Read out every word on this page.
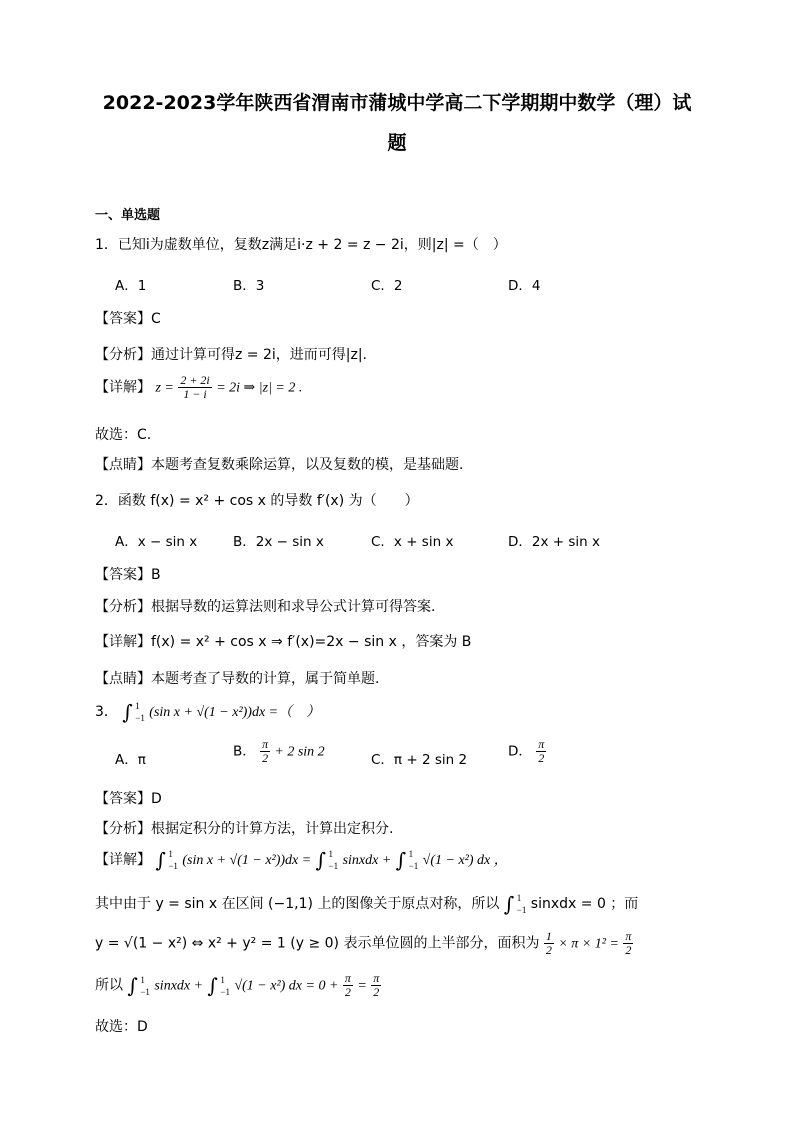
2022-2023学年陕西省渭南市蒲城中学高二下学期期中数学（理）试
题
一、单选题
1．已知i为虚数单位，复数z满足i·z + 2 = z − 2i，则|z| =（　）
A．1	B．3	C．2	D．4
【答案】C
【分析】通过计算可得z = 2i，进而可得|z|.
【详解】 $z = \frac{2 + 2i}{1 - i} = 2i$ ⇒ |z| = 2 .
故选：C.
【点睛】本题考查复数乘除运算，以及复数的模，是基础题.
2．函数 f(x) = x² + cos x 的导数 f′(x) 为（　　）
A．x − sin x	B．2x − sin x	C．x + sin x	D．2x + sin x
【答案】B
【分析】根据导数的运算法则和求导公式计算可得答案.
【详解】f(x) = x² + cos x ⇒ f′(x)=2x − sin x ，答案为 B
【点睛】本题考查了导数的计算，属于简单题.
3． ∫ 1
−1 (sin x + √(1 − x²))dx =（　）
A．π
B． $\frac{\pi}{2} + 2$ sin 2	C．π + 2 sin 2
D． $\frac{\pi}{2}$
【答案】D
【分析】根据定积分的计算方法，计算出定积分.
【详解】 ∫ 1
−1 (sin x + √(1 − x²))dx = ∫ 1
−1 sinxdx + ∫ 1
−1 √(1 − x²) dx ，
其中由于 y = sin x 在区间 (−1,1) 上的图像关于原点对称，所以 ∫ 1
−1 sinxdx = 0 ；而
y = √(1 − x²) ⇔ x² + y² = 1 (y ≥ 0) 表示单位圆的上半部分，面积为 $\frac{1}{2} \times \pi \times 1^2 = \frac{\pi}{2}$
所以 ∫ 1
−1 sinxdx + ∫ 1
−1 √(1 − x²) dx = $0 + \frac{\pi}{2} = \frac{\pi}{2}$
故选：D
